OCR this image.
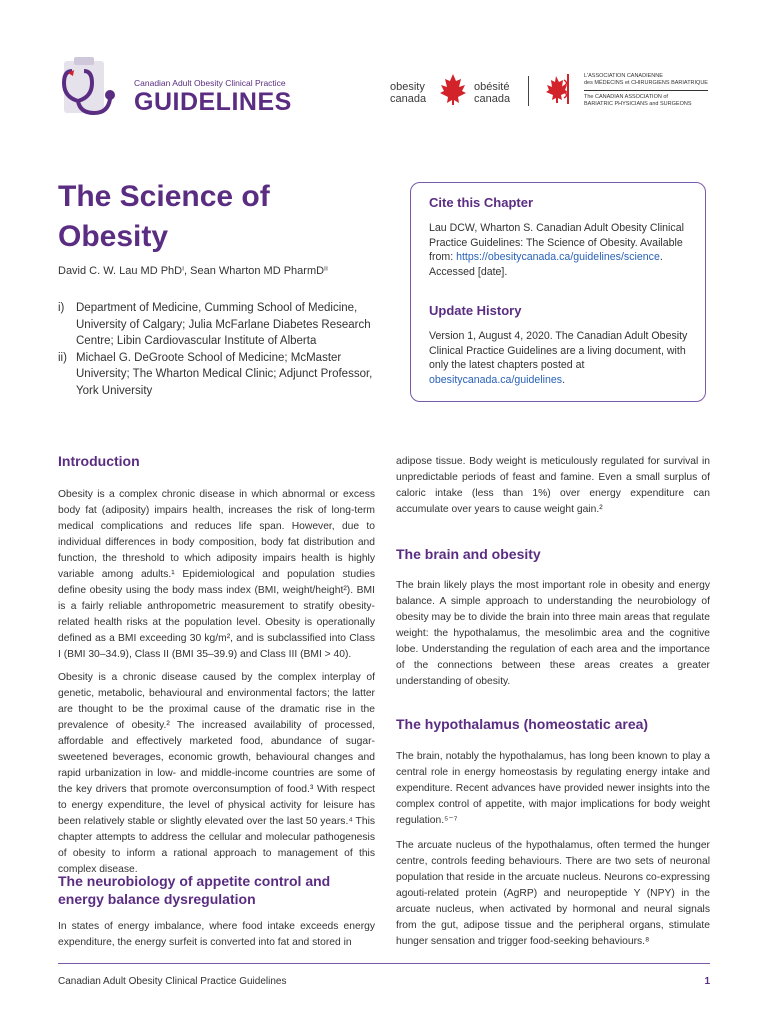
Canadian Adult Obesity Clinical Practice
GUIDELINES
obesity
canada
obésité
canada
L'ASSOCIATION CANADIENNE
des MÉDECINS et CHIRURGIENS BARIATRIQUE
The CANADIAN ASSOCIATION of
BARIATRIC PHYSICIANS and SURGEONS
The Science of
Obesity
David C. W. Lau MD PhDⁱ, Sean Wharton MD PharmDⁱⁱ
i)	Department of Medicine, Cumming School of Medicine, University of Calgary; Julia McFarlane Diabetes Research Centre; Libin Cardiovascular Institute of Alberta
ii) Michael G. DeGroote School of Medicine; McMaster University; The Wharton Medical Clinic; Adjunct Professor, York University
Cite this Chapter
Lau DCW, Wharton S. Canadian Adult Obesity Clinical Practice Guidelines: The Science of Obesity. Available from: https://obesitycanada.ca/guidelines/science. Accessed [date].
Update History
Version 1, August 4, 2020. The Canadian Adult Obesity Clinical Practice Guidelines are a living document, with only the latest chapters posted at obesitycanada.ca/guidelines.
Introduction
Obesity is a complex chronic disease in which abnormal or excess body fat (adiposity) impairs health, increases the risk of long-term medical complications and reduces life span. However, due to individual differences in body composition, body fat distribution and function, the threshold to which adiposity impairs health is highly variable among adults.¹ Epidemiological and population studies define obesity using the body mass index (BMI, weight/height²). BMI is a fairly reliable anthropometric measurement to stratify obesity-related health risks at the population level. Obesity is operationally defined as a BMI exceeding 30 kg/m², and is subclassified into Class I (BMI 30–34.9), Class II (BMI 35–39.9) and Class III (BMI > 40).
Obesity is a chronic disease caused by the complex interplay of genetic, metabolic, behavioural and environmental factors; the latter are thought to be the proximal cause of the dramatic rise in the prevalence of obesity.² The increased availability of processed, affordable and effectively marketed food, abundance of sugar-sweetened beverages, economic growth, behavioural changes and rapid urbanization in low- and middle-income countries are some of the key drivers that promote overconsumption of food.³ With respect to energy expenditure, the level of physical activity for leisure has been relatively stable or slightly elevated over the last 50 years.⁴ This chapter attempts to address the cellular and molecular pathogenesis of obesity to inform a rational approach to management of this complex disease.
The neurobiology of appetite control and energy balance dysregulation
In states of energy imbalance, where food intake exceeds energy expenditure, the energy surfeit is converted into fat and stored in
adipose tissue. Body weight is meticulously regulated for survival in unpredictable periods of feast and famine. Even a small surplus of caloric intake (less than 1%) over energy expenditure can accumulate over years to cause weight gain.²
The brain and obesity
The brain likely plays the most important role in obesity and energy balance. A simple approach to understanding the neurobiology of obesity may be to divide the brain into three main areas that regulate weight: the hypothalamus, the mesolimbic area and the cognitive lobe. Understanding the regulation of each area and the importance of the connections between these areas creates a greater understanding of obesity.
The hypothalamus (homeostatic area)
The brain, notably the hypothalamus, has long been known to play a central role in energy homeostasis by regulating energy intake and expenditure. Recent advances have provided newer insights into the complex control of appetite, with major implications for body weight regulation.⁵⁻⁷
The arcuate nucleus of the hypothalamus, often termed the hunger centre, controls feeding behaviours. There are two sets of neuronal population that reside in the arcuate nucleus. Neurons co-expressing agouti-related protein (AgRP) and neuropeptide Y (NPY) in the arcuate nucleus, when activated by hormonal and neural signals from the gut, adipose tissue and the peripheral organs, stimulate hunger sensation and trigger food-seeking behaviours.⁸
Canadian Adult Obesity Clinical Practice Guidelines	1
